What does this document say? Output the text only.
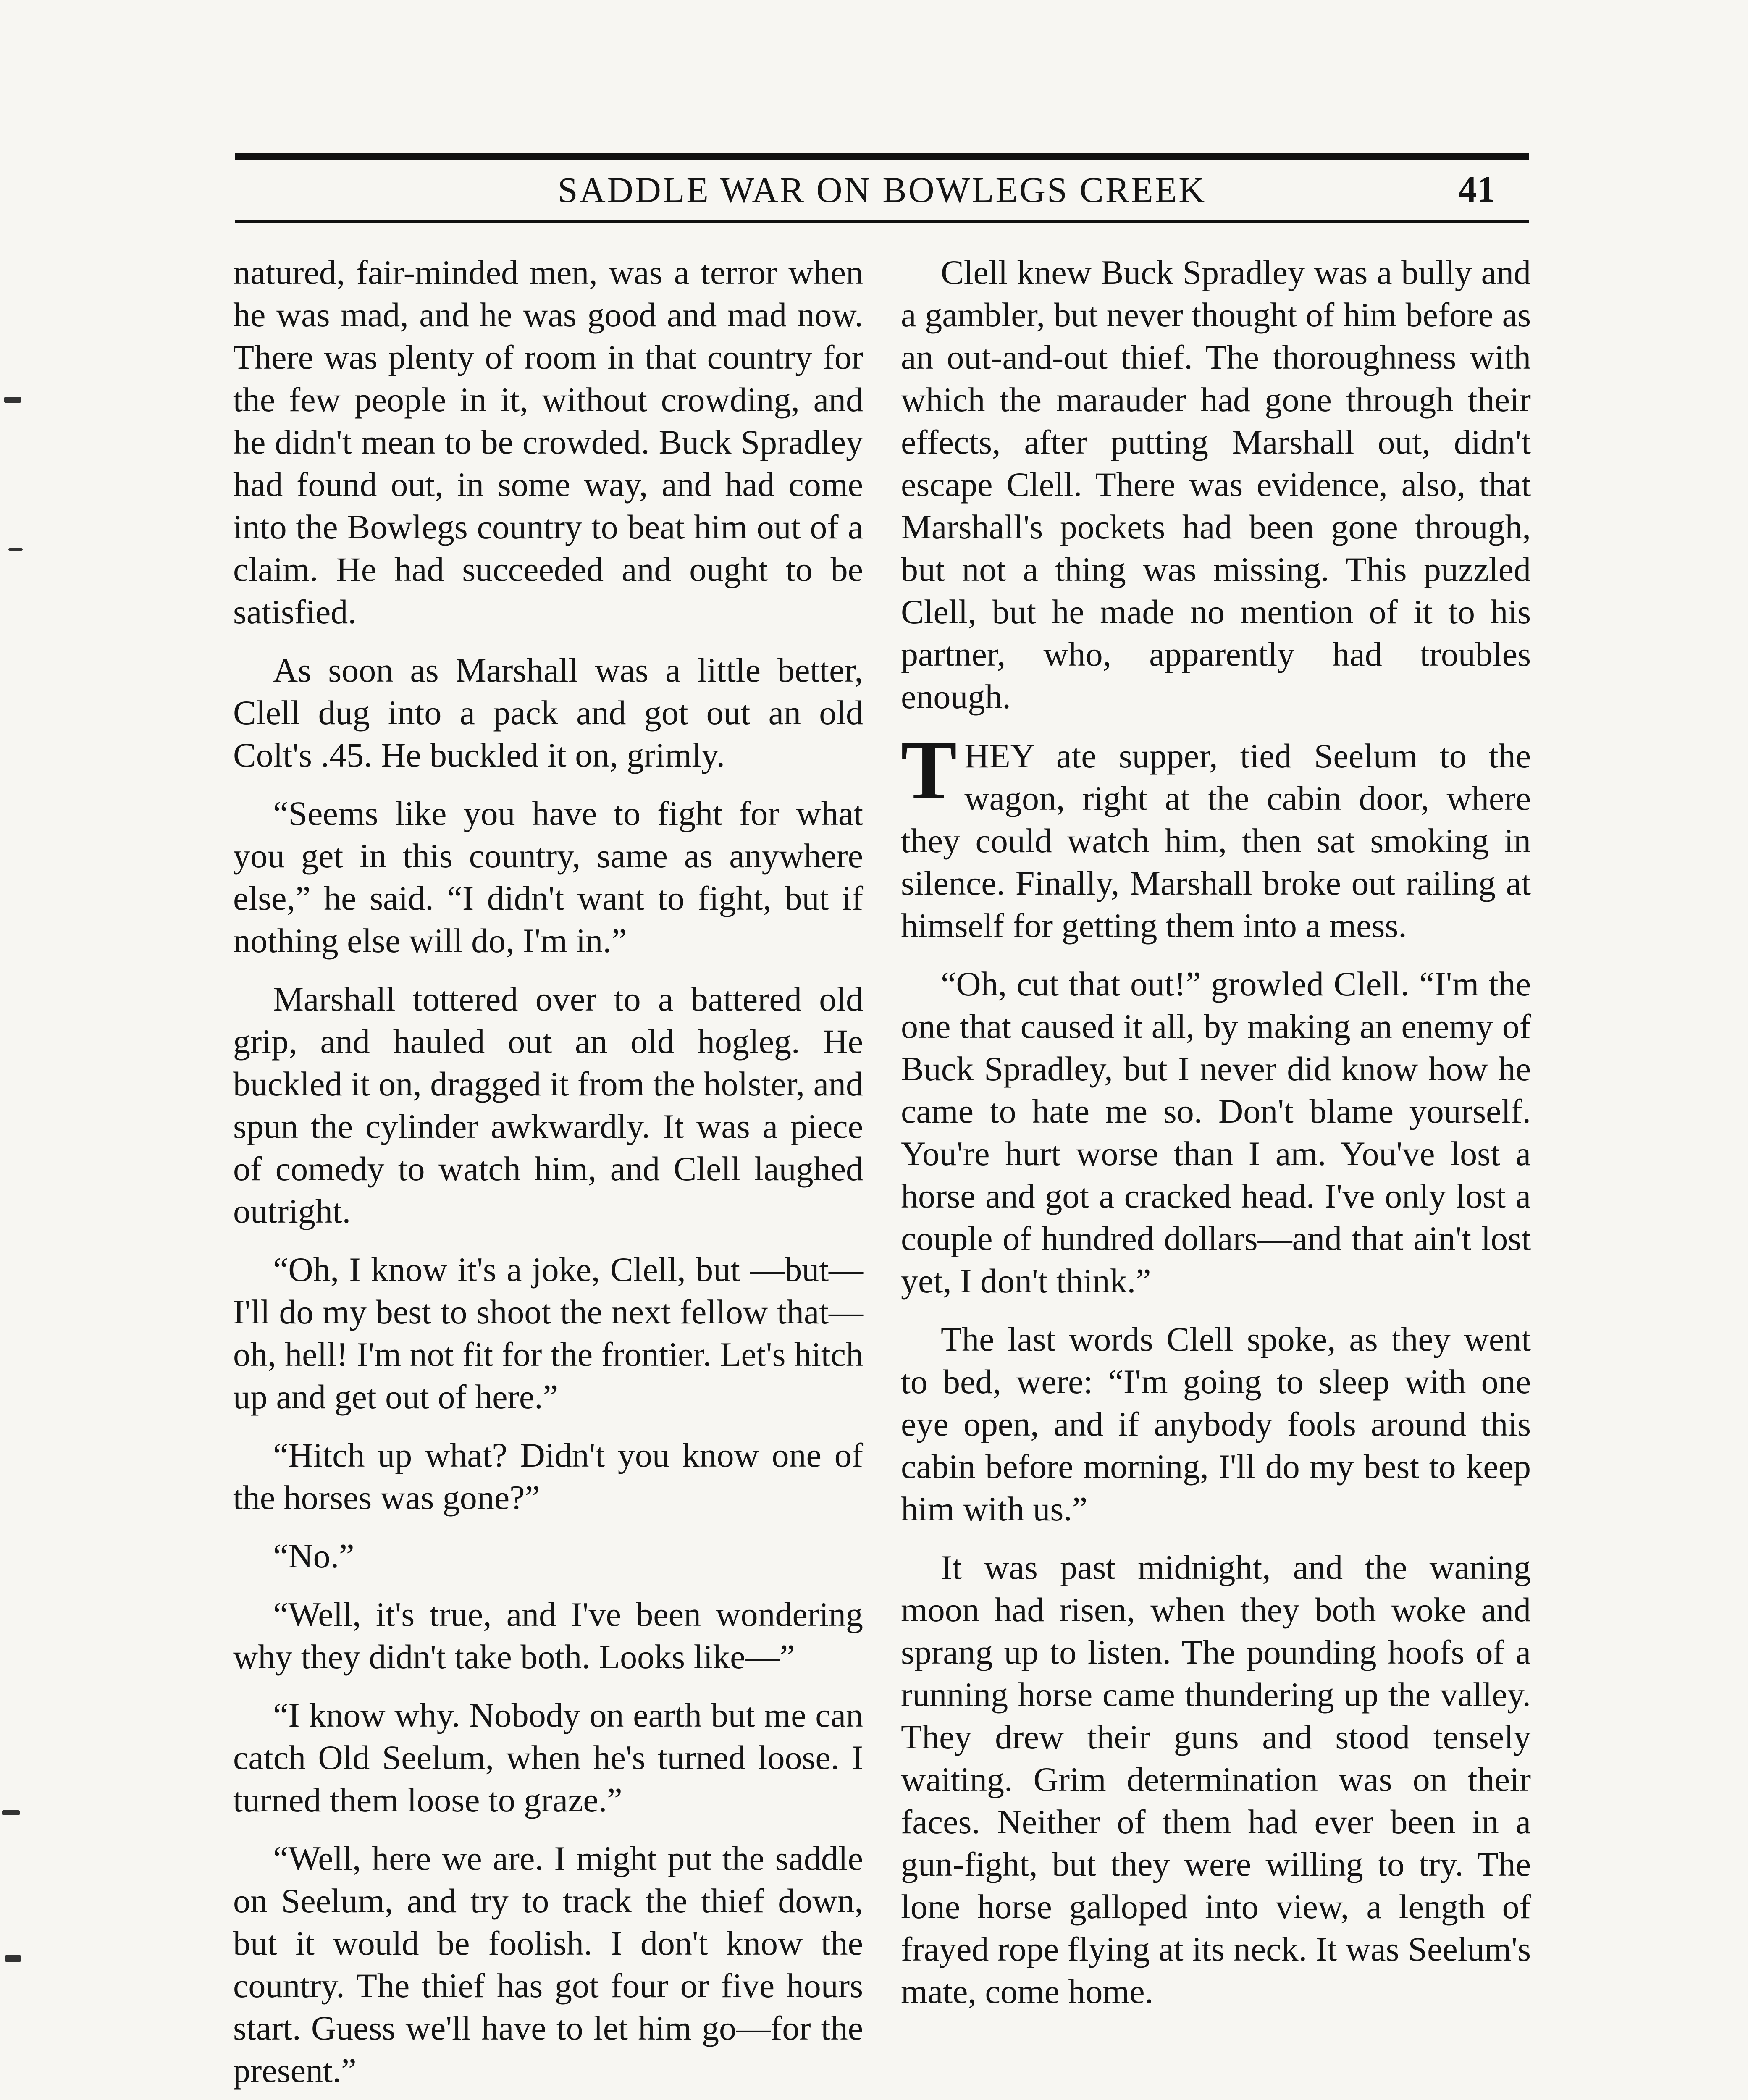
SADDLE WAR ON BOWLEGS CREEK	41

natured, fair-minded men, was a terror when he was mad, and he was good and mad now. There was plenty of room in that country for the few people in it, without crowding, and he didn't mean to be crowded. Buck Spradley had found out, in some way, and had come into the Bowlegs country to beat him out of a claim. He had succeeded and ought to be satisfied.

As soon as Marshall was a little better, Clell dug into a pack and got out an old Colt's .45. He buckled it on, grimly.

“Seems like you have to fight for what you get in this country, same as anywhere else,” he said. “I didn't want to fight, but if nothing else will do, I'm in.”

Marshall tottered over to a battered old grip, and hauled out an old hogleg. He buckled it on, dragged it from the holster, and spun the cylinder awkwardly. It was a piece of comedy to watch him, and Clell laughed outright.

“Oh, I know it's a joke, Clell, but —but—I'll do my best to shoot the next fellow that—oh, hell! I'm not fit for the frontier. Let's hitch up and get out of here.”

“Hitch up what? Didn't you know one of the horses was gone?”

“No.”

“Well, it's true, and I've been wondering why they didn't take both. Looks like—”

“I know why. Nobody on earth but me can catch Old Seelum, when he's turned loose. I turned them loose to graze.”

“Well, here we are. I might put the saddle on Seelum, and try to track the thief down, but it would be foolish. I don't know the country. The thief has got four or five hours start. Guess we'll have to let him go—for the present.”

Clell knew Buck Spradley was a bully and a gambler, but never thought of him before as an out-and-out thief. The thoroughness with which the marauder had gone through their effects, after putting Marshall out, didn't escape Clell. There was evidence, also, that Marshall's pockets had been gone through, but not a thing was missing. This puzzled Clell, but he made no mention of it to his partner, who, apparently had troubles enough.

THEY ate supper, tied Seelum to the wagon, right at the cabin door, where they could watch him, then sat smoking in silence. Finally, Marshall broke out railing at himself for getting them into a mess.

“Oh, cut that out!” growled Clell. “I'm the one that caused it all, by making an enemy of Buck Spradley, but I never did know how he came to hate me so. Don't blame yourself. You're hurt worse than I am. You've lost a horse and got a cracked head. I've only lost a couple of hundred dollars—and that ain't lost yet, I don't think.”

The last words Clell spoke, as they went to bed, were: “I'm going to sleep with one eye open, and if anybody fools around this cabin before morning, I'll do my best to keep him with us.”

It was past midnight, and the waning moon had risen, when they both woke and sprang up to listen. The pounding hoofs of a running horse came thundering up the valley. They drew their guns and stood tensely waiting. Grim determination was on their faces. Neither of them had ever been in a gun-fight, but they were willing to try. The lone horse galloped into view, a length of frayed rope flying at its neck. It was Seelum's mate, come home.
